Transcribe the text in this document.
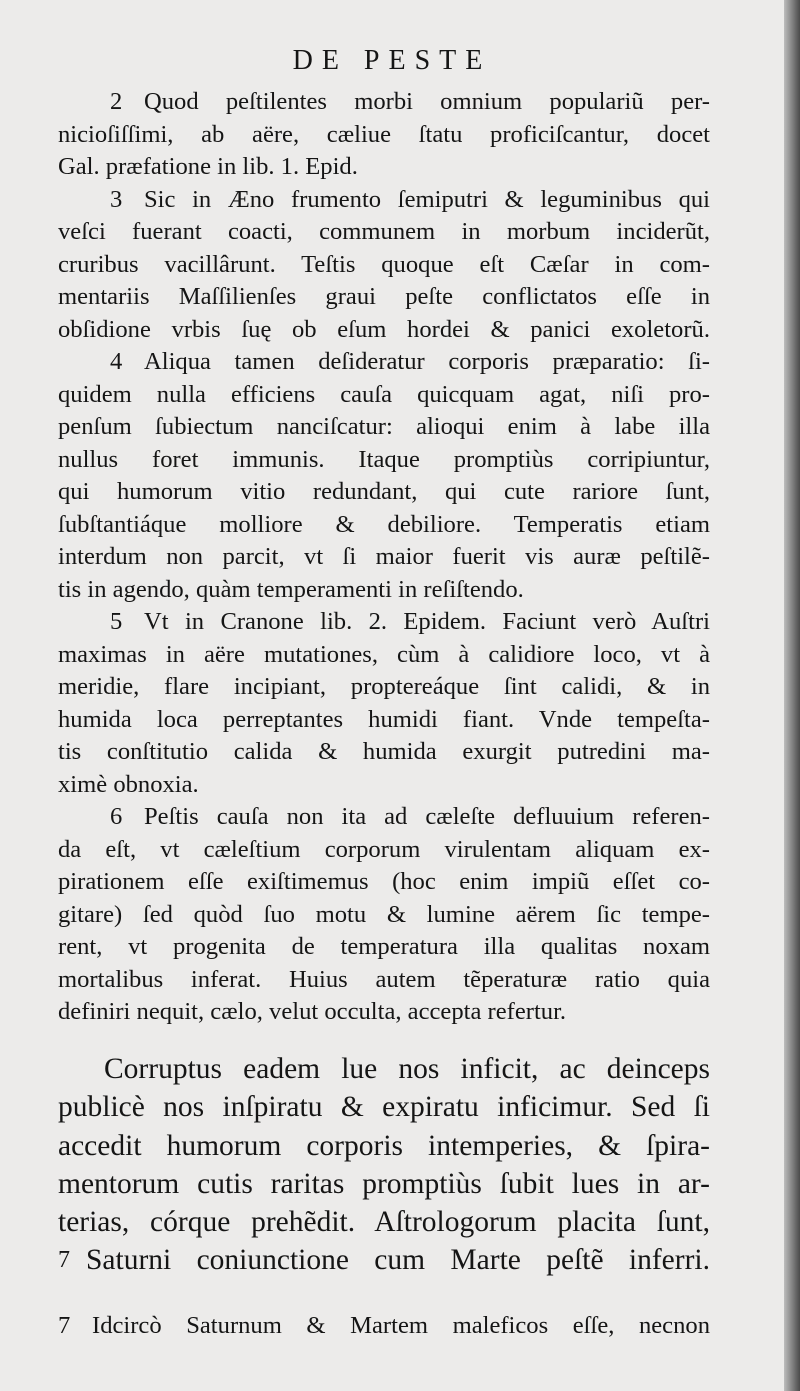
DE PESTE
2 Quod peſtilentes morbi omnium populariũ per-
nicioſiſſimi, ab aëre, cæliue ſtatu proficiſcantur, docet
Gal. præfatione in lib. 1. Epid.
3 Sic in Æno frumento ſemiputri & leguminibus qui
veſci fuerant coacti, communem in morbum inciderũt,
cruribus vacillârunt. Teſtis quoque eſt Cæſar in com-
mentariis Maſſilienſes graui peſte conflictatos eſſe in
obſidione vrbis ſuę ob eſum hordei & panici exoletorũ.
4 Aliqua tamen deſideratur corporis præparatio: ſi-
quidem nulla efficiens cauſa quicquam agat, niſi pro-
penſum ſubiectum nanciſcatur: alioqui enim à labe illa
nullus foret immunis. Itaque promptiùs corripiuntur,
qui humorum vitio redundant, qui cute rariore ſunt,
ſubſtantiáque molliore & debiliore. Temperatis etiam
interdum non parcit, vt ſi maior fuerit vis auræ peſtilẽ-
tis in agendo, quàm temperamenti in reſiſtendo.
5 Vt in Cranone lib. 2. Epidem. Faciunt verò Auſtri
maximas in aëre mutationes, cùm à calidiore loco, vt à
meridie, flare incipiant, proptereáque ſint calidi, & in
humida loca perreptantes humidi fiant. Vnde tempeſta-
tis conſtitutio calida & humida exurgit putredini ma-
ximè obnoxia.
6 Peſtis cauſa non ita ad cæleſte defluuium referen-
da eſt, vt cæleſtium corporum virulentam aliquam ex-
pirationem eſſe exiſtimemus (hoc enim impiũ eſſet co-
gitare) ſed quòd ſuo motu & lumine aërem ſic tempe-
rent, vt progenita de temperatura illa qualitas noxam
mortalibus inferat. Huius autem tẽperaturæ ratio quia
definiri nequit, cælo, velut occulta, accepta refertur.
Corruptus eadem lue nos inficit, ac deinceps
publicè nos inſpiratu & expiratu inficimur. Sed ſi
accedit humorum corporis intemperies, & ſpira-
mentorum cutis raritas promptiùs ſubit lues in ar-
terias, córque prehẽdit. Aſtrologorum placita ſunt,
Saturni coniunctione cum Marte peſtẽ inferri.
7
7 Idcircò Saturnum & Martem maleficos eſſe, necnon
